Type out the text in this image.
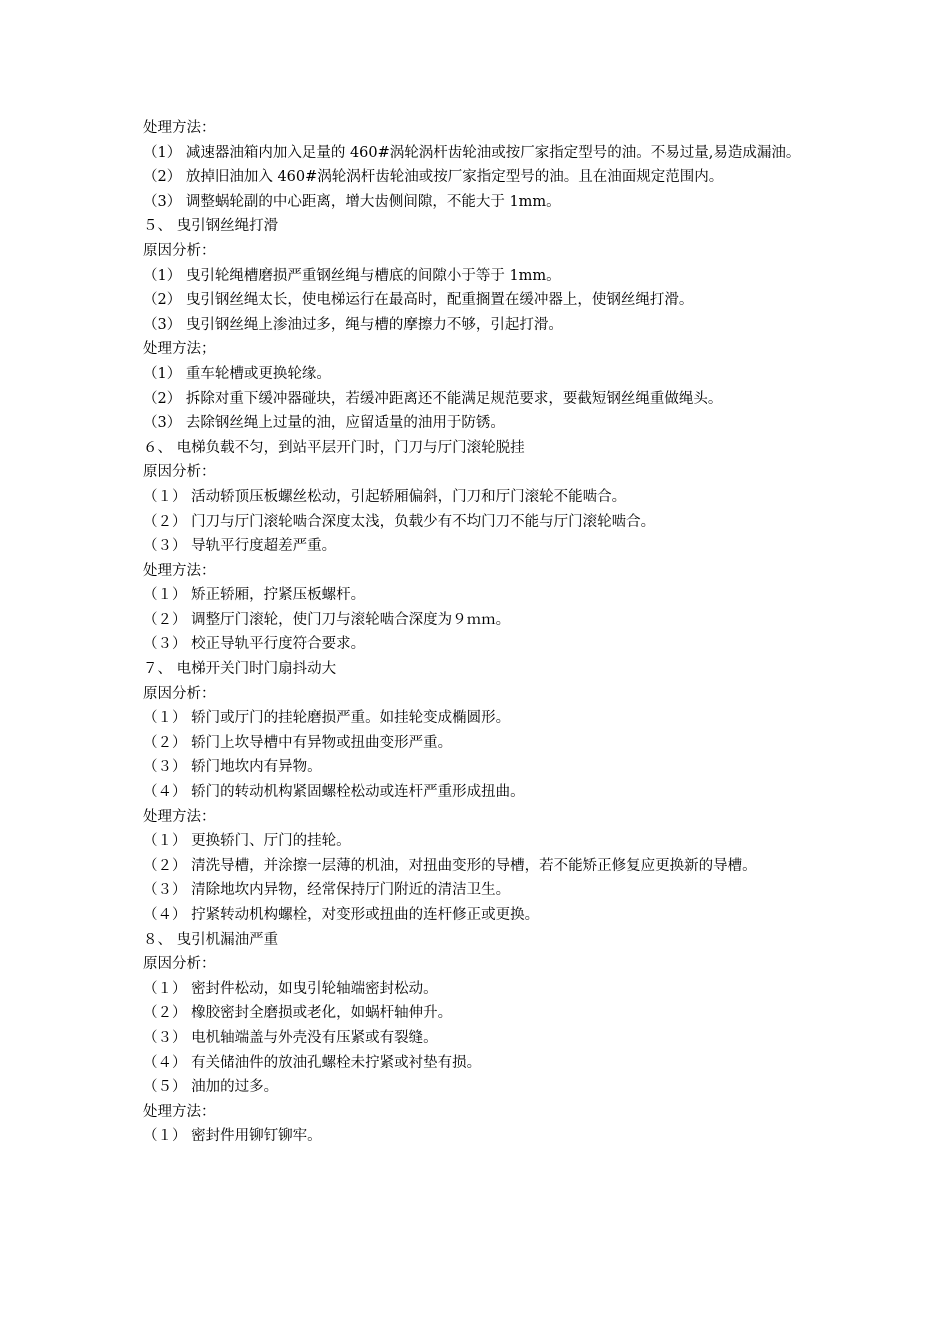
处理方法：
（1） 减速器油箱内加入足量的 460#涡轮涡杆齿轮油或按厂家指定型号的油。不易过量,易造成漏油。
（2） 放掉旧油加入 460#涡轮涡杆齿轮油或按厂家指定型号的油。且在油面规定范围内。
（3） 调整蜗轮副的中心距离，增大齿侧间隙，不能大于 1mm。
５、 曳引钢丝绳打滑
原因分析：
（1） 曳引轮绳槽磨损严重钢丝绳与槽底的间隙小于等于 1mm。
（2） 曳引钢丝绳太长，使电梯运行在最高时，配重搁置在缓冲器上，使钢丝绳打滑。
（3） 曳引钢丝绳上渗油过多，绳与槽的摩擦力不够，引起打滑。
处理方法；
（1） 重车轮槽或更换轮缘。
（2） 拆除对重下缓冲器碰块，若缓冲距离还不能满足规范要求，要截短钢丝绳重做绳头。
（3） 去除钢丝绳上过量的油，应留适量的油用于防锈。
６、 电梯负载不匀，到站平层开门时，门刀与厅门滚轮脱挂
原因分析：
（１） 活动轿顶压板螺丝松动，引起轿厢偏斜，门刀和厅门滚轮不能啮合。
（２） 门刀与厅门滚轮啮合深度太浅，负载少有不均门刀不能与厅门滚轮啮合。
（３） 导轨平行度超差严重。
处理方法：
（１） 矫正轿厢，拧紧压板螺杆。
（２） 调整厅门滚轮，使门刀与滚轮啮合深度为９ｍｍ。
（３） 校正导轨平行度符合要求。
７、 电梯开关门时门扇抖动大
原因分析：
（１） 轿门或厅门的挂轮磨损严重。如挂轮变成椭圆形。
（２） 轿门上坎导槽中有异物或扭曲变形严重。
（３） 轿门地坎内有异物。
（４） 轿门的转动机构紧固螺栓松动或连杆严重形成扭曲。
处理方法：
（１） 更换轿门、厅门的挂轮。
（２） 清洗导槽，并涂擦一层薄的机油，对扭曲变形的导槽，若不能矫正修复应更换新的导槽。
（３） 清除地坎内异物，经常保持厅门附近的清洁卫生。
（４） 拧紧转动机构螺栓，对变形或扭曲的连杆修正或更换。
８、 曳引机漏油严重
原因分析：
（１） 密封件松动，如曳引轮轴端密封松动。
（２） 橡胶密封全磨损或老化，如蜗杆轴伸升。
（３） 电机轴端盖与外壳没有压紧或有裂缝。
（４） 有关储油件的放油孔螺栓未拧紧或衬垫有损。
（５） 油加的过多。
处理方法：
（１） 密封件用铆钉铆牢。
